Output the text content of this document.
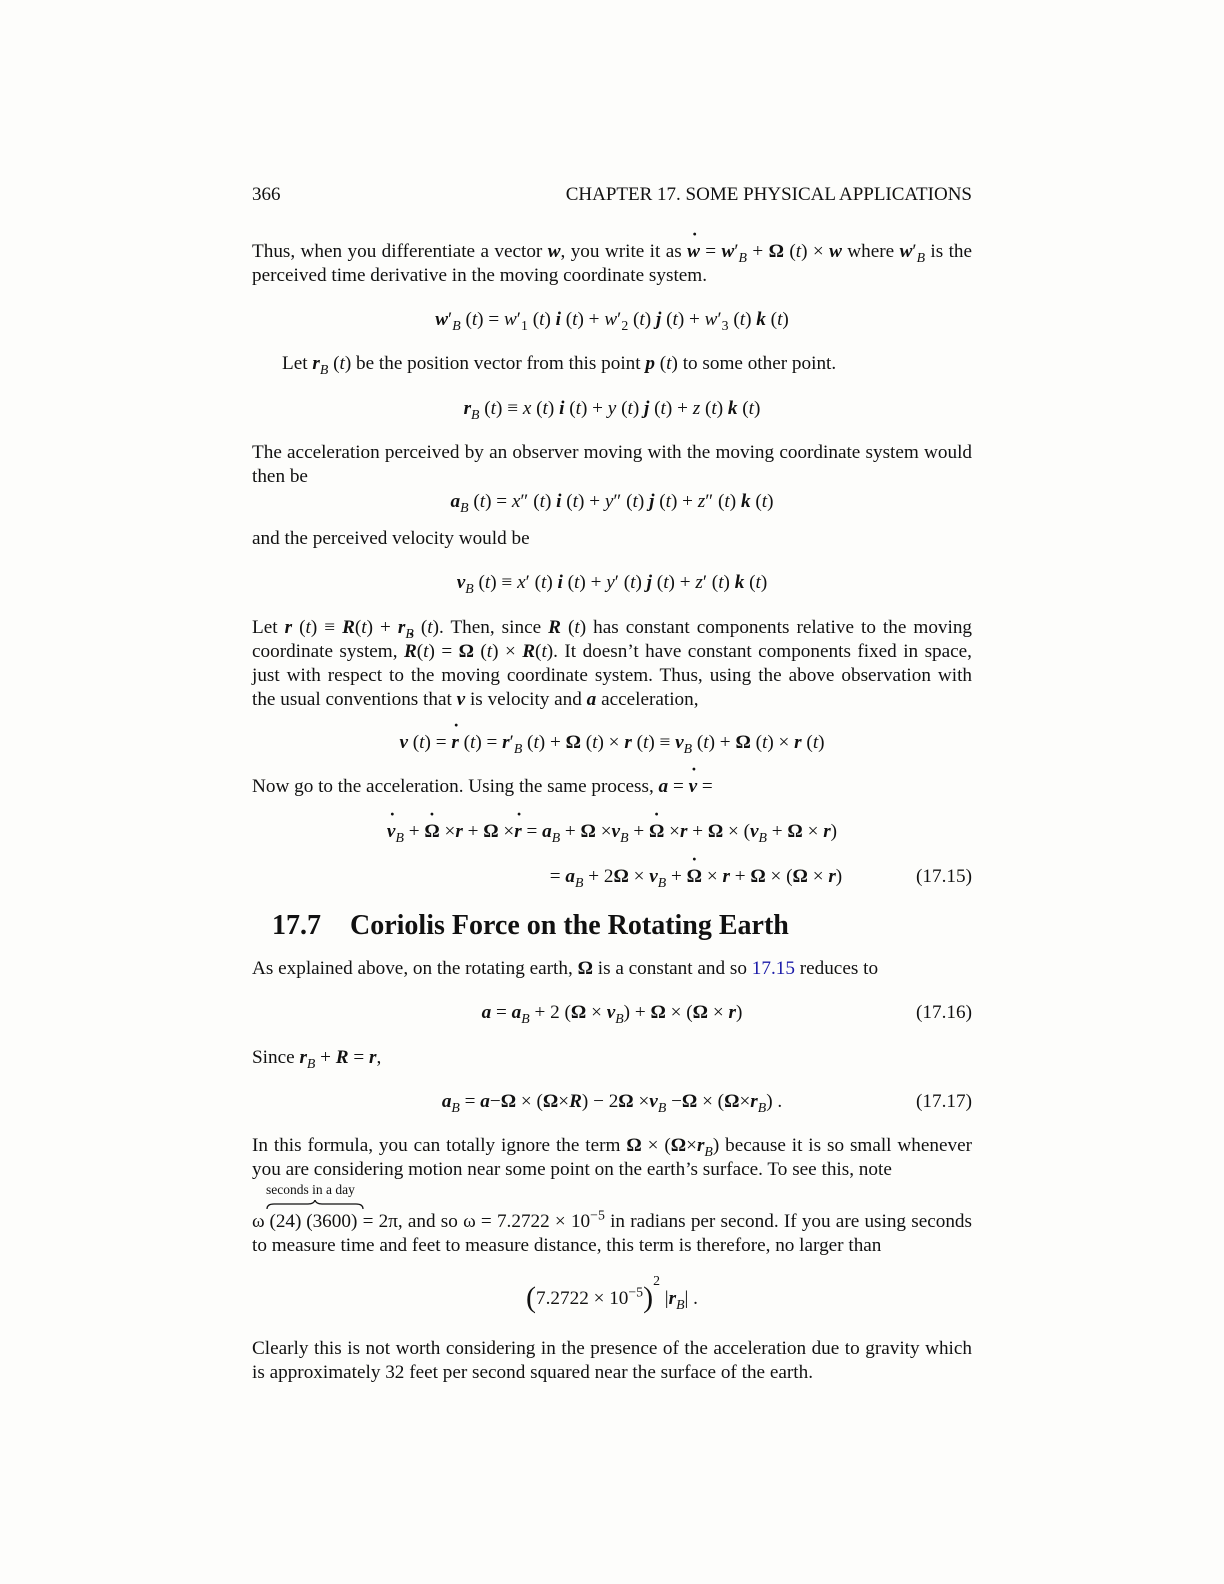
366	CHAPTER 17. SOME PHYSICAL APPLICATIONS
Thus, when you differentiate a vector w, you write it as ˙ $w = w'_B + \Omega$ (t) × w where $w'_B$ is the perceived time derivative in the moving coordinate system.
$w'_B$ $(t) = w'_1$ (t) i $(t) + w'_2$ (t) j $(t) + w'_3$ (t) k (t)
Let $r_B$ (t) be the position vector from this point p (t) to some other point.
$r_B$ (t) ≡ x (t) i (t) + y (t) j (t) + z (t) k (t)
The acceleration perceived by an observer moving with the moving coordinate system would then be
$a_B$ (t) = x″ (t) i (t) + y″ (t) j (t) + z″ (t) k (t)
and the perceived velocity would be
$v_B$ (t) ≡ x′ (t) i (t) + y′ (t) j (t) + z′ (t) k (t)
Let r $(t) \equiv R(t) + r_B$ (t). Then, since R (t) has constant components relative to the moving coordinate system, ˙ R(t) = Ω (t) × R(t). It doesn’t have constant components fixed in space, just with respect to the moving coordinate system. Thus, using the above observation with the usual conventions that v is velocity and a acceleration,
v (t) = ˙ r $(t) = r'_B$ (t) + Ω (t) × r $(t) \equiv v_B$ (t) + Ω (t) × r (t)
Now go to the acceleration. Using the same process, a = ˙ v =
˙ $v_B$ + ˙ Ω ×r + Ω ×˙ $r = a_B + \Omega \times v_B$ + ˙ $\Omega \times r + \Omega \times (v_B + \Omega \times r)$
= $a_B + 2\Omega \times v_B$ + ˙ Ω × r + Ω × (Ω × r)	(17.15)
17.7 Coriolis Force on the Rotating Earth
As explained above, on the rotating earth, Ω is a constant and so 17.15 reduces to
$a = a_B + 2$ $(\Omega \times v_B) + \Omega \times (\Omega \times r)$	(17.16)
Since $r_B + R = r$,
$a_B = a-\Omega \times (\Omega\times R) - 2\Omega \times v_B -\Omega \times (\Omega\times r_B)$ .	(17.17)
In this formula, you can totally ignore the term $\Omega \times (\Omega\times r_B)$ because it is so small whenever you are considering motion near some point on the earth’s surface. To see this, note
seconds in a day
ω (24) (3600) = 2π, and so $\omega = 7.2722 \times 10^{-5}$ in radians per second. If you are using seconds to measure time and feet to measure distance, this term is therefore, no larger than
$(7.2722 \times 10^{-5})^2$ $|r_B|$ .
Clearly this is not worth considering in the presence of the acceleration due to gravity which is approximately 32 feet per second squared near the surface of the earth.
